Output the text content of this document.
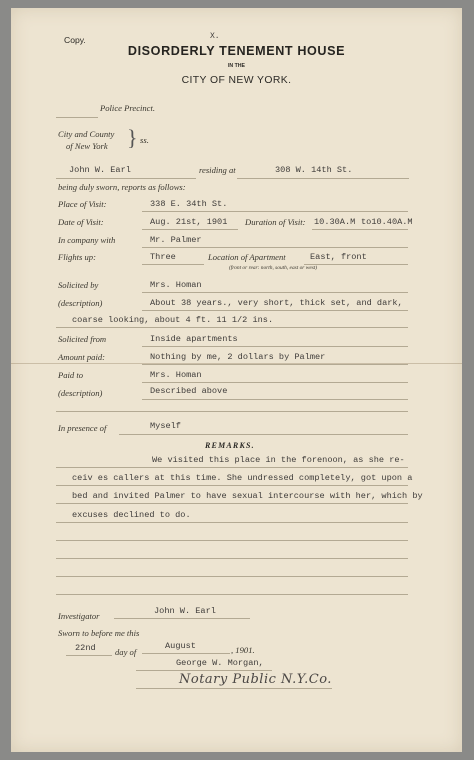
Copy.	X.
DISORDERLY TENEMENT HOUSE
IN THE
CITY OF NEW YORK.
Police Precinct.
City and County
of New York } ss.
John W. Earl	residing at	308 W. 14th St.
being duly sworn, reports as follows:
Place of Visit:	338 E. 34th St.
Date of Visit:	Aug. 21st, 1901 Duration of Visit: 10.30A.M to10.40A.M
In company with	Mr. Palmer
Flights up:	Three	Location of Apartment	East, front
(front or rear: north, south, east or west)
Solicited by	Mrs. Homan
(description)	About 38 years., very short, thick set, and dark,
coarse looking, about 4 ft. 11 1/2 ins.
Solicited from	Inside apartments
Amount paid:	Nothing by me, 2 dollars by Palmer
Paid to	Mrs. Homan
(description)	Described above
In presence of	Myself
REMARKS.
We visited this place in the forenoon, as she re-
ceiv es callers at this time. She undressed completely, got upon a
bed and invited Palmer to have sexual intercourse with her, which by
excuses declined to do.
Investigator	John W. Earl
Sworn to before me this
22nd day of
August	, 1901.
George W. Morgan,
Notary Public N.Y.Co.
